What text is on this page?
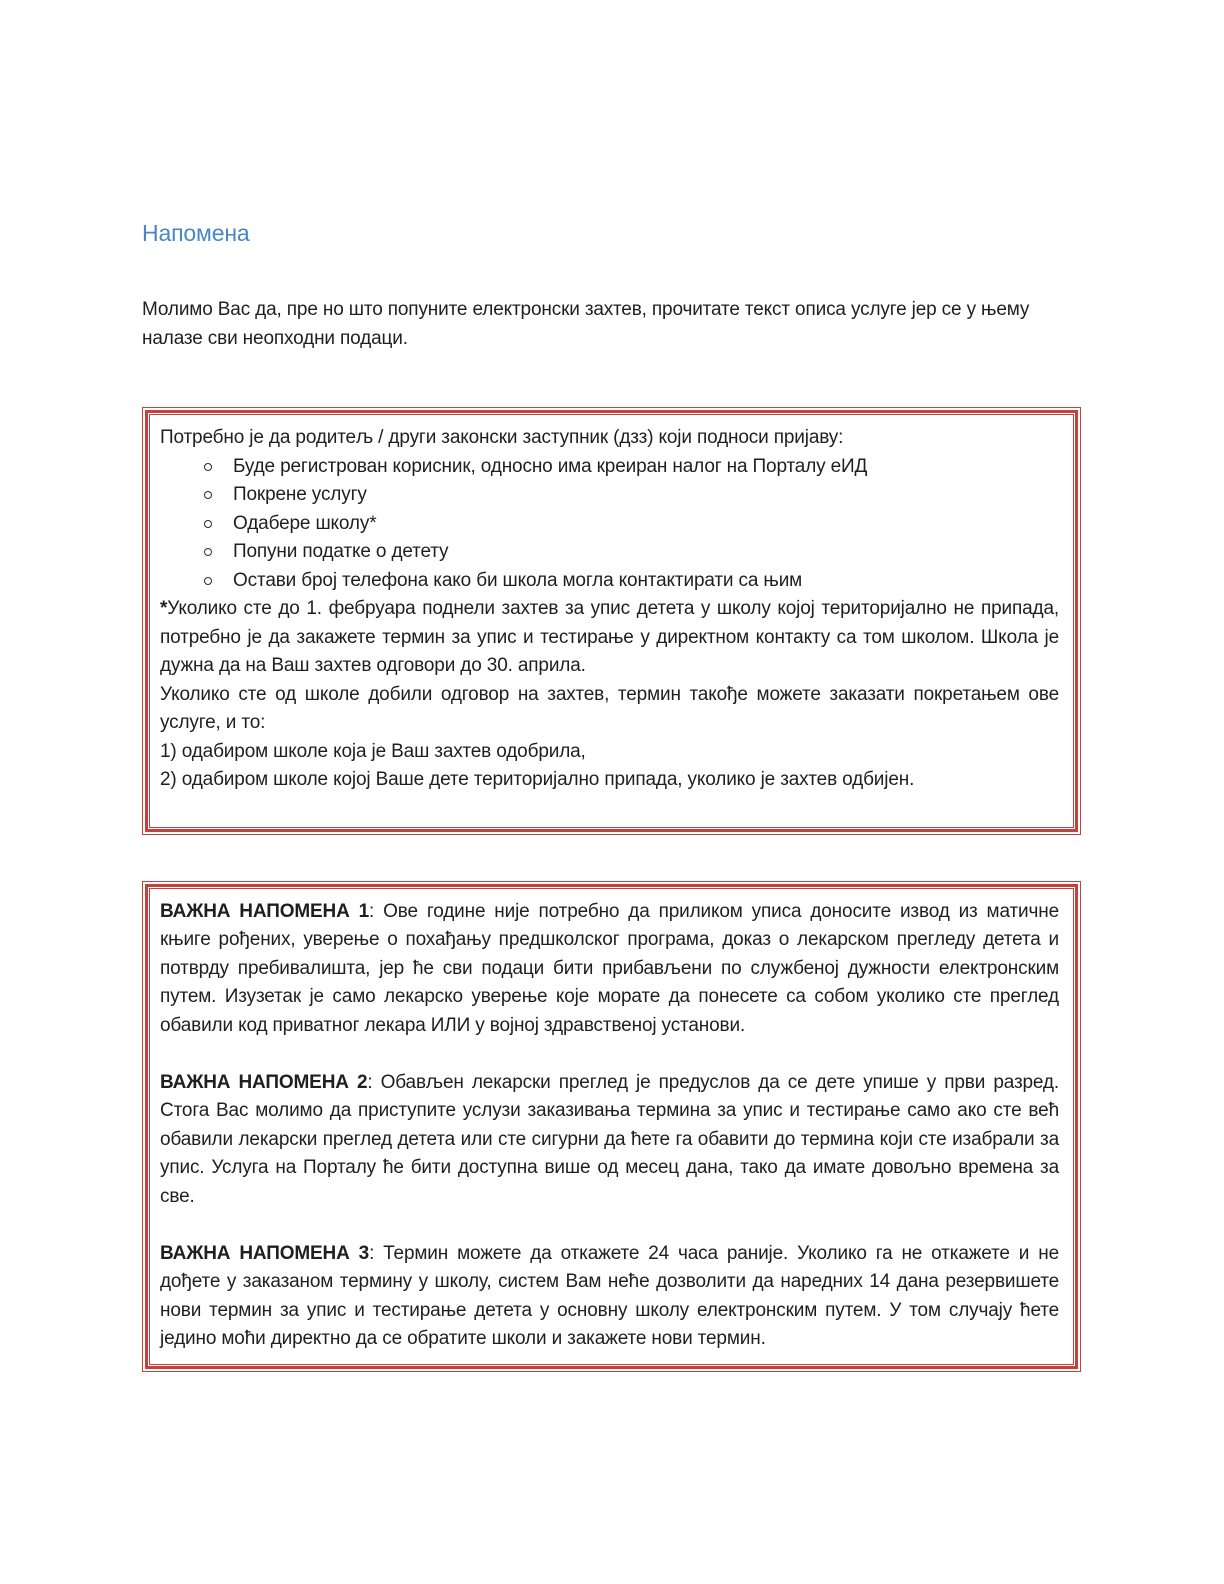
Напомена

Молимо Вас да, пре но што попуните електронски захтев, прочитате текст описа услуге јер се у њему налазе сви неопходни подаци.

Потребно је да родитељ / други законски заступник (дзз) који подноси пријаву:

Буде регистрован корисник, односно има креиран налог на Порталу еИД
Покрене услугу
Одабере школу*
Попуни податке о детету
Остави број телефона како би школа могла контактирати са њим

*Уколико сте до 1. фебруара поднели захтев за упис детета у школу којој територијално не припада, потребно је да закажете термин за упис и тестирање у директном контакту са том школом. Школа је дужна да на Ваш захтев одговори до 30. априла.

Уколико сте од школе добили одговор на захтев, термин такође можете заказати покретањем ове услуге, и то:

1) одабиром школе која је Ваш захтев одобрила,

2) одабиром школе којој Ваше дете територијално припада, уколико је захтев одбијен.

ВАЖНА НАПОМЕНА 1: Ове године није потребно да приликом уписа доносите извод из матичне књиге рођених, уверење о похађању предшколског програма, доказ о лекарском прегледу детета и потврду пребивалишта, јер ће сви подаци бити прибављени по службеној дужности електронским путем. Изузетак је само лекарско уверење које морате да понесете са собом уколико сте преглед обавили код приватног лекара ИЛИ у војној здравственој установи.

ВАЖНА НАПОМЕНА 2: Обављен лекарски преглед је предуслов да се дете упише у први разред. Стога Вас молимо да приступите услузи заказивања термина за упис и тестирање само ако сте већ обавили лекарски преглед детета или сте сигурни да ћете га обавити до термина који сте изабрали за упис. Услуга на Порталу ће бити доступна више од месец дана, тако да имате довољно времена за све.

ВАЖНА НАПОМЕНА 3: Термин можете да откажете 24 часа раније. Уколико га не откажете и не дођете у заказаном термину у школу, систем Вам неће дозволити да наредних 14 дана резервишете нови термин за упис и тестирање детета у основну школу електронским путем. У том случају ћете једино моћи директно да се обратите школи и закажете нови термин.
